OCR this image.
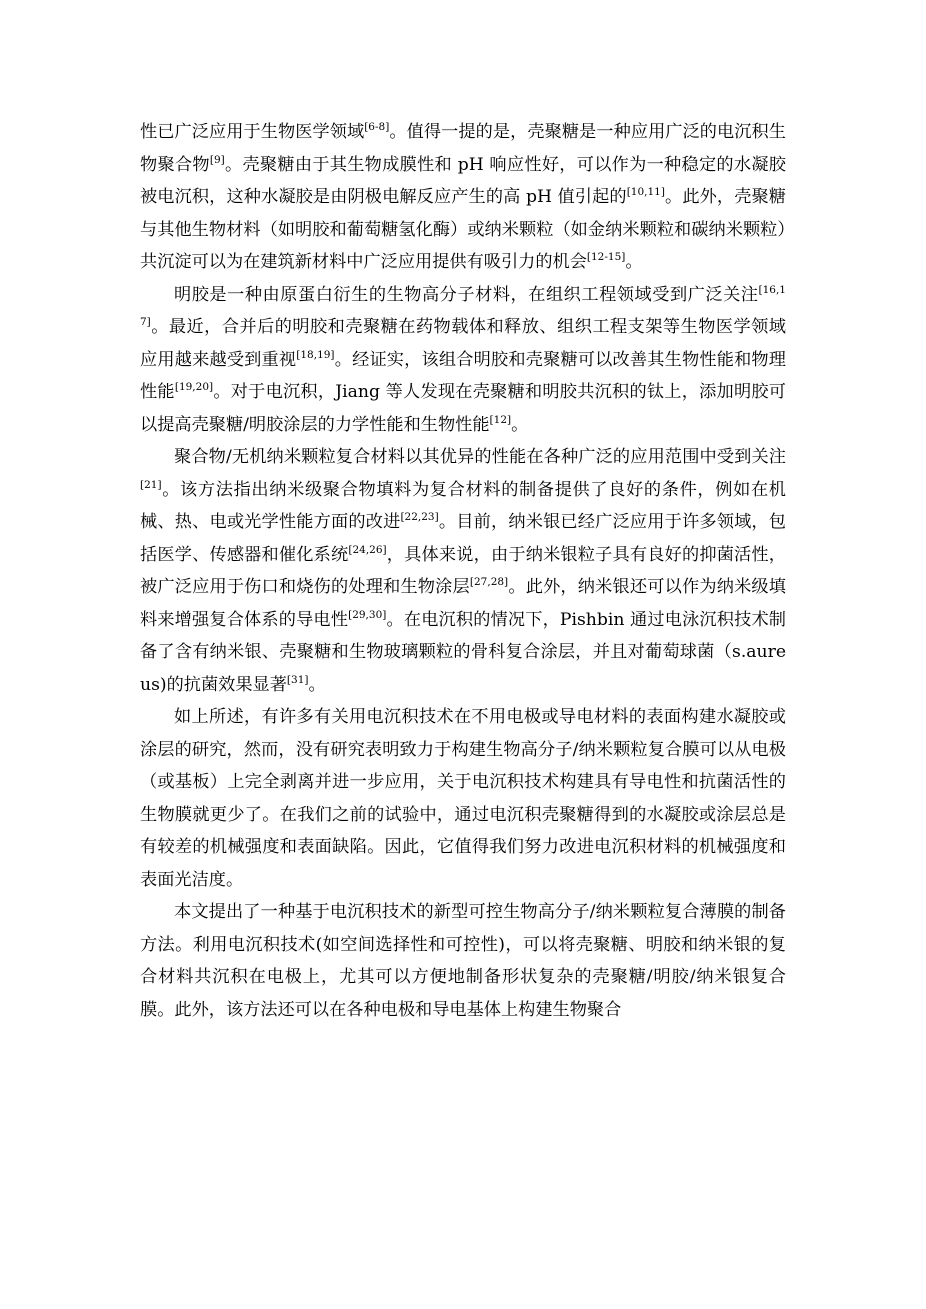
性已广泛应用于生物医学领域[6-8]。值得一提的是，壳聚糖是一种应用广泛的电沉积生物聚合物[9]。壳聚糖由于其生物成膜性和 pH 响应性好，可以作为一种稳定的水凝胶被电沉积，这种水凝胶是由阴极电解反应产生的高 pH 值引起的[10,11]。此外，壳聚糖与其他生物材料（如明胶和葡萄糖氢化酶）或纳米颗粒（如金纳米颗粒和碳纳米颗粒）共沉淀可以为在建筑新材料中广泛应用提供有吸引力的机会[12-15]。

明胶是一种由原蛋白衍生的生物高分子材料，在组织工程领域受到广泛关注[16,17]。最近，合并后的明胶和壳聚糖在药物载体和释放、组织工程支架等生物医学领域应用越来越受到重视[18,19]。经证实，该组合明胶和壳聚糖可以改善其生物性能和物理性能[19,20]。对于电沉积，Jiang 等人发现在壳聚糖和明胶共沉积的钛上，添加明胶可以提高壳聚糖/明胶涂层的力学性能和生物性能[12]。

聚合物/无机纳米颗粒复合材料以其优异的性能在各种广泛的应用范围中受到关注[21]。该方法指出纳米级聚合物填料为复合材料的制备提供了良好的条件，例如在机械、热、电或光学性能方面的改进[22,23]。目前，纳米银已经广泛应用于许多领域，包括医学、传感器和催化系统[24,26]，具体来说，由于纳米银粒子具有良好的抑菌活性，被广泛应用于伤口和烧伤的处理和生物涂层[27,28]。此外，纳米银还可以作为纳米级填料来增强复合体系的导电性[29,30]。在电沉积的情况下，Pishbin 通过电泳沉积技术制备了含有纳米银、壳聚糖和生物玻璃颗粒的骨科复合涂层，并且对葡萄球菌（s.aureus)的抗菌效果显著[31]。

如上所述，有许多有关用电沉积技术在不用电极或导电材料的表面构建水凝胶或涂层的研究，然而，没有研究表明致力于构建生物高分子/纳米颗粒复合膜可以从电极（或基板）上完全剥离并进一步应用，关于电沉积技术构建具有导电性和抗菌活性的生物膜就更少了。在我们之前的试验中，通过电沉积壳聚糖得到的水凝胶或涂层总是有较差的机械强度和表面缺陷。因此，它值得我们努力改进电沉积材料的机械强度和表面光洁度。

本文提出了一种基于电沉积技术的新型可控生物高分子/纳米颗粒复合薄膜的制备方法。利用电沉积技术(如空间选择性和可控性)，可以将壳聚糖、明胶和纳米银的复合材料共沉积在电极上，尤其可以方便地制备形状复杂的壳聚糖/明胶/纳米银复合膜。此外，该方法还可以在各种电极和导电基体上构建生物聚合
